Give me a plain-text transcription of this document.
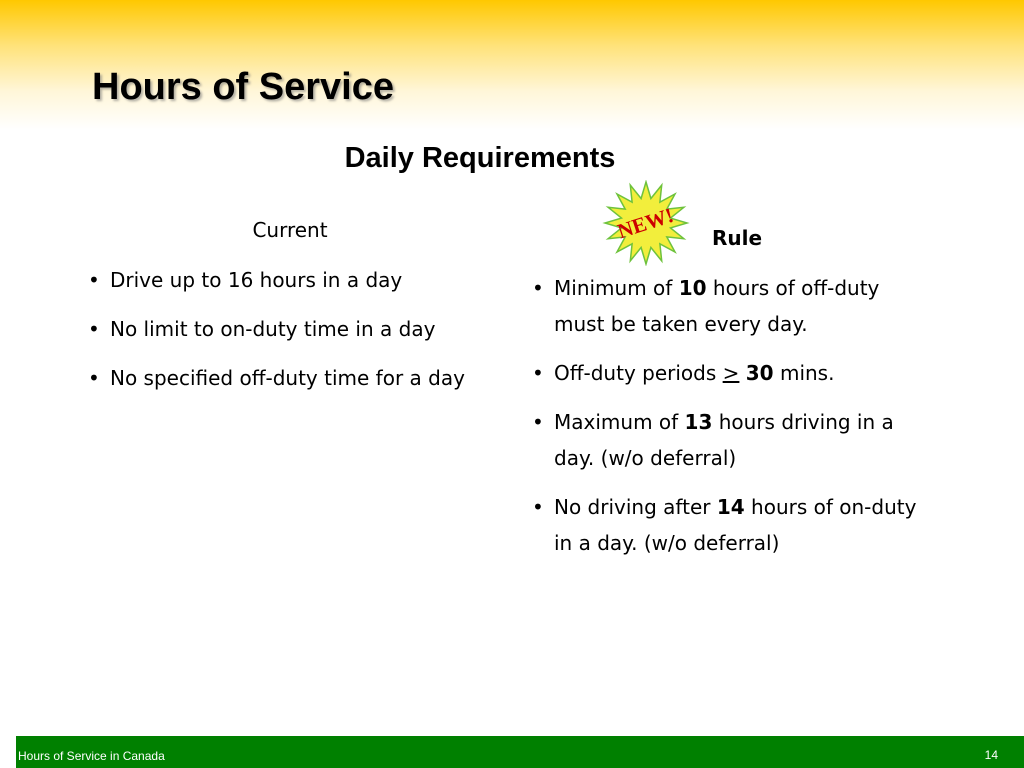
Hours of Service
Daily Requirements
Current
• Drive up to 16 hours in a day
• No limit to on-duty time in a day
• No specified off-duty time for a day
NEW! Rule
• Minimum of 10 hours of off-duty must be taken every day.
• Off-duty periods > 30 mins.
• Maximum of 13 hours driving in a day. (w/o deferral)
• No driving after 14 hours of on-duty in a day. (w/o deferral)
Hours of Service in Canada	14
